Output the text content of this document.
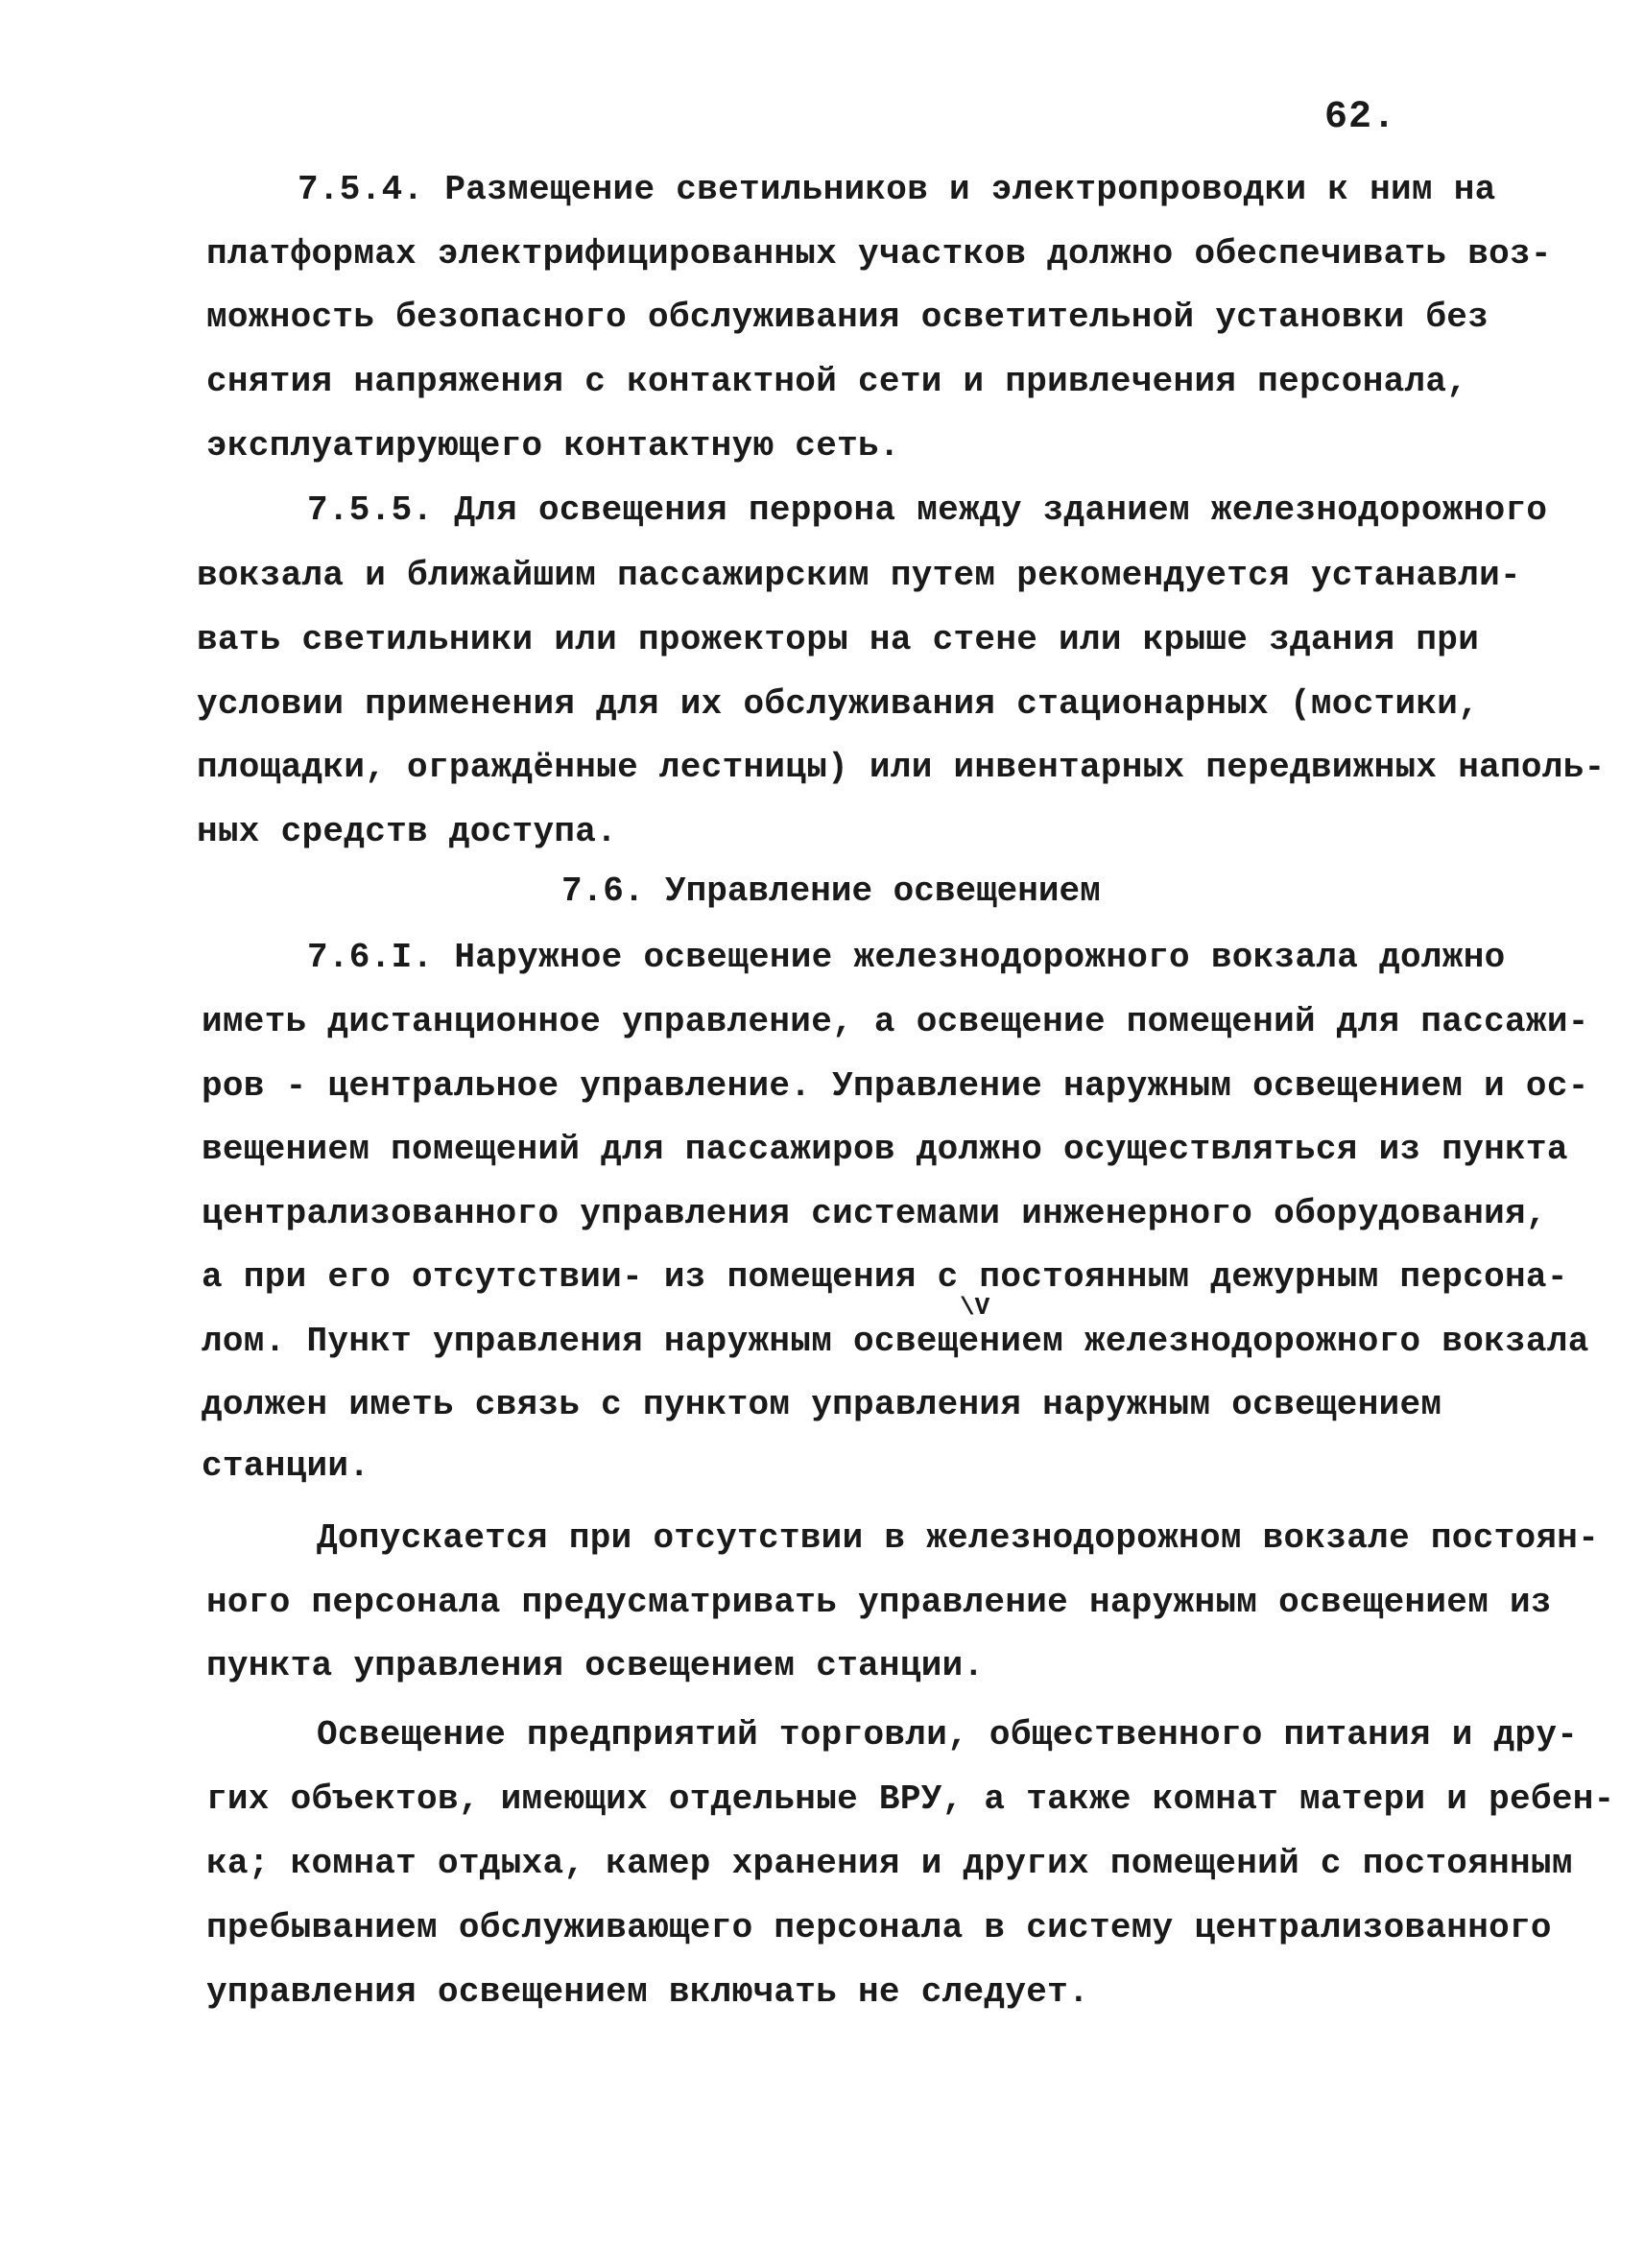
62.
7.5.4. Размещение светильников и электропроводки к ним на
платформах электрифицированных участков должно обеспечивать воз-
можность безопасного обслуживания осветительной установки без
снятия напряжения с контактной сети и привлечения персонала,
эксплуатирующего контактную сеть.
7.5.5. Для освещения перрона между зданием железнодорожного
вокзала и ближайшим пассажирским путем рекомендуется устанавли-
вать светильники или прожекторы на стене или крыше здания при
условии применения для их обслуживания стационарных (мостики,
площадки, ограждённые лестницы) или инвентарных передвижных наполь-
ных средств доступа.
7.6. Управление освещением
7.6.I. Наружное освещение железнодорожного вокзала должно
иметь дистанционное управление, а освещение помещений для пассажи-
ров - центральное управление. Управление наружным освещением и ос-
вещением помещений для пассажиров должно осуществляться из пункта
централизованного управления системами инженерного оборудования,
а при его отсутствии- из помещения с постоянным дежурным персона-
\V
лом. Пункт управления наружным освещением железнодорожного вокзала
должен иметь связь с пунктом управления наружным освещением
станции.
Допускается при отсутствии в железнодорожном вокзале постоян-
ного персонала предусматривать управление наружным освещением из
пункта управления освещением станции.
Освещение предприятий торговли, общественного питания и дру-
гих объектов, имеющих отдельные ВРУ, а также комнат матери и ребен-
ка; комнат отдыха, камер хранения и других помещений с постоянным
пребыванием обслуживающего персонала в систему централизованного
управления освещением включать не следует.
